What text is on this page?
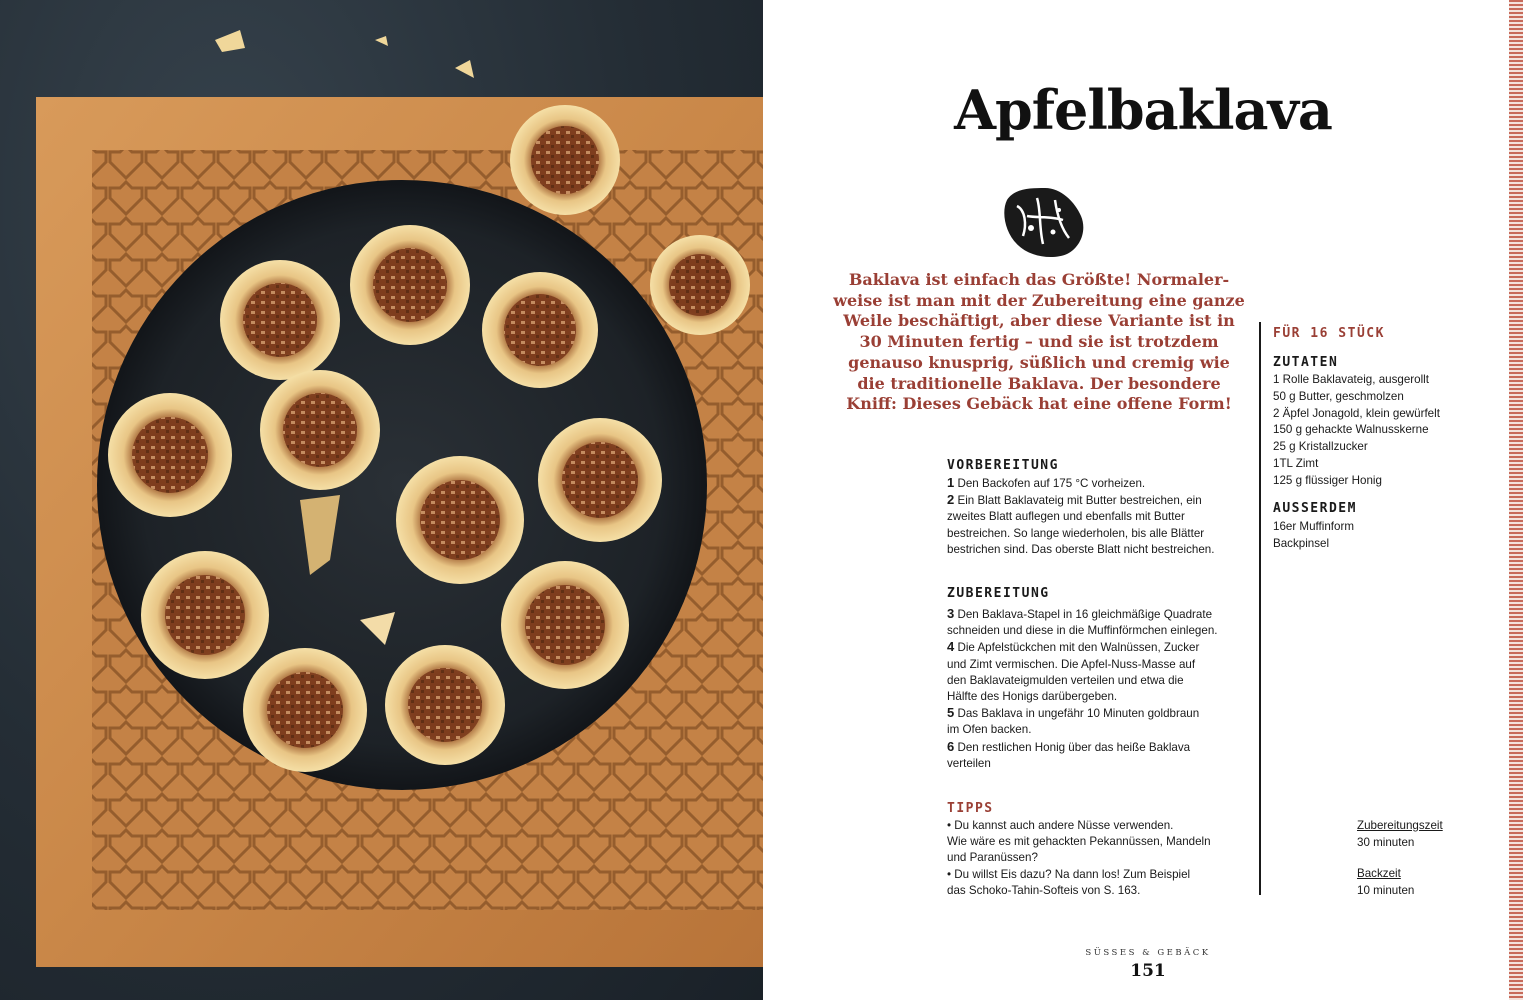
Apfelbaklava
Baklava ist einfach das Größte! Normaler-
weise ist man mit der Zubereitung eine ganze
Weile beschäftigt, aber diese Variante ist in
30 Minuten fertig – und sie ist trotzdem
genauso knusprig, süßlich und cremig wie
die traditionelle Baklava. Der besondere
Kniff: Dieses Gebäck hat eine offene Form!
VORBEREITUNG
1 Den Backofen auf 175 °C vorheizen.
2 Ein Blatt Baklavateig mit Butter bestreichen, ein
zweites Blatt auflegen und ebenfalls mit Butter
bestreichen. So lange wiederholen, bis alle Blätter
bestrichen sind. Das oberste Blatt nicht bestreichen.
ZUBEREITUNG
3 Den Baklava-Stapel in 16 gleichmäßige Quadrate
schneiden und diese in die Muffinförmchen einlegen.
4 Die Apfelstückchen mit den Walnüssen, Zucker
und Zimt vermischen. Die Apfel-Nuss-Masse auf
den Baklavateigmulden verteilen und etwa die
Hälfte des Honigs darübergeben.
5 Das Baklava in ungefähr 10 Minuten goldbraun
im Ofen backen.
6 Den restlichen Honig über das heiße Baklava
verteilen
TIPPS
• Du kannst auch andere Nüsse verwenden.
Wie wäre es mit gehackten Pekannüssen, Mandeln
und Paranüssen?
• Du willst Eis dazu? Na dann los! Zum Beispiel
das Schoko-Tahin-Softeis von S. 163.
FÜR 16 STÜCK
ZUTATEN
1 Rolle Baklavateig, ausgerollt
50 g Butter, geschmolzen
2 Äpfel Jonagold, klein gewürfelt
150 g gehackte Walnusskerne
25 g Kristallzucker
1TL Zimt
125 g flüssiger Honig
AUSSERDEM
16er Muffinform
Backpinsel
Zubereitungszeit
30 minuten
Backzeit
10 minuten
SÜSSES & GEBÄCK
151
